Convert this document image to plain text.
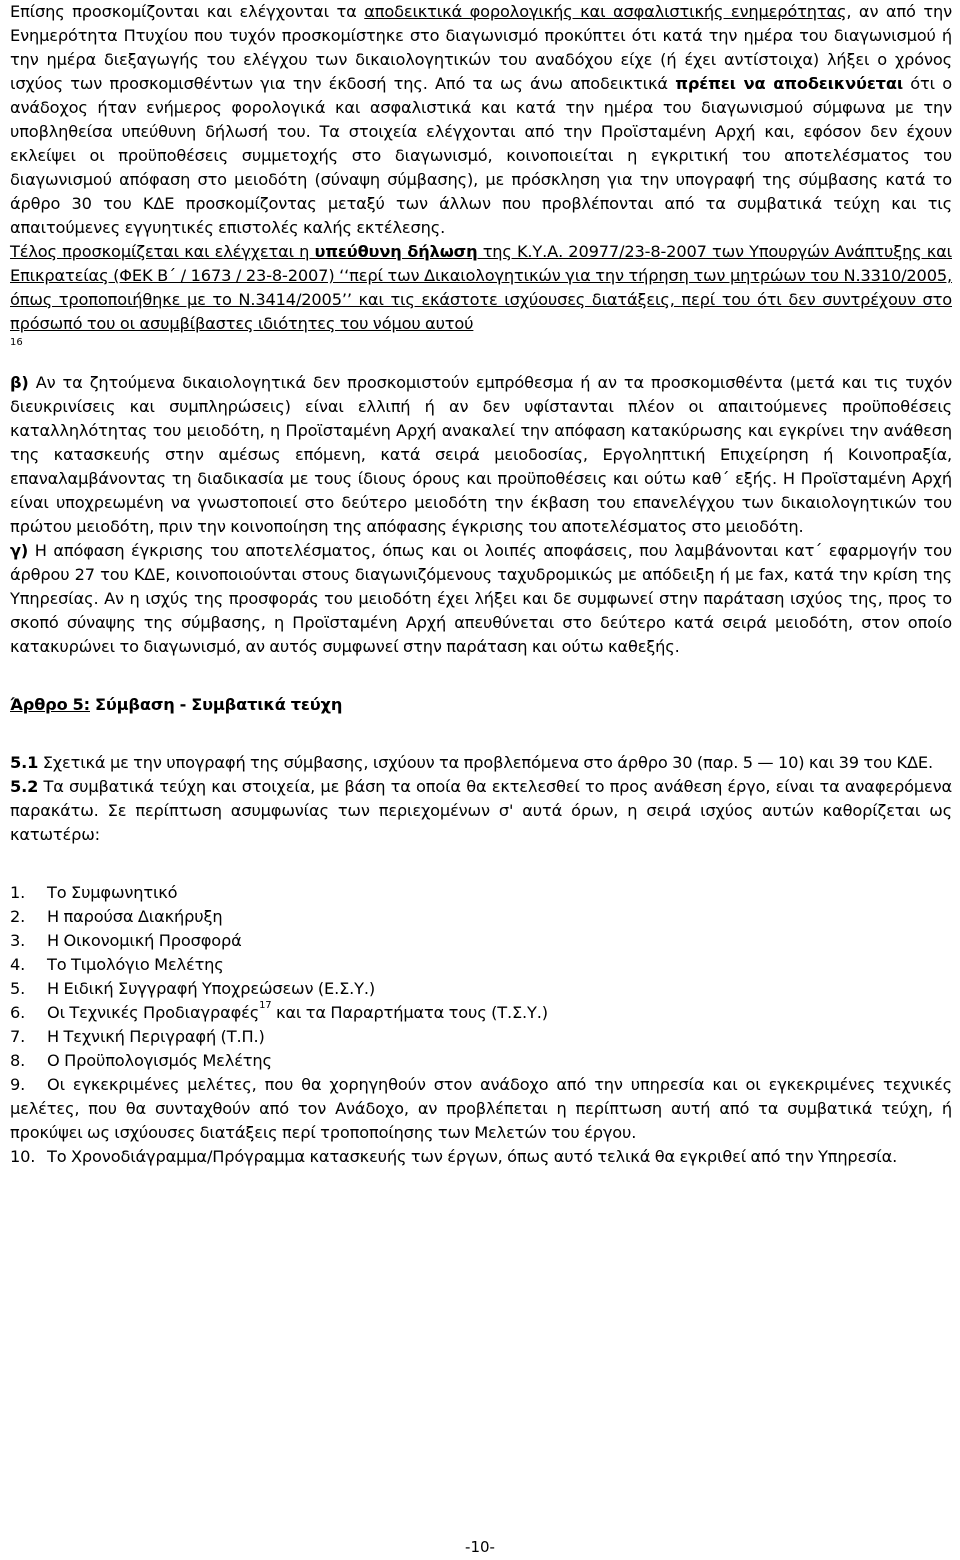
Επίσης προσκομίζονται και ελέγχονται τα αποδεικτικά φορολογικής και ασφαλιστικής ενημερότητας, αν από την Ενημερότητα Πτυχίου που τυχόν προσκομίστηκε στο διαγωνισμό προκύπτει ότι κατά την ημέρα του διαγωνισμού ή την ημέρα διεξαγωγής του ελέγχου των δικαιολογητικών του αναδόχου είχε (ή έχει αντίστοιχα) λήξει ο χρόνος ισχύος των προσκομισθέντων για την έκδοσή της. Από τα ως άνω αποδεικτικά πρέπει να αποδεικνύεται ότι ο ανάδοχος ήταν ενήμερος φορολογικά και ασφαλιστικά και κατά την ημέρα του διαγωνισμού σύμφωνα με την υποβληθείσα υπεύθυνη δήλωσή του. Τα στοιχεία ελέγχονται από την Προϊσταμένη Αρχή και, εφόσον δεν έχουν εκλείψει οι προϋποθέσεις συμμετοχής στο διαγωνισμό, κοινοποιείται η εγκριτική του αποτελέσματος του διαγωνισμού απόφαση στο μειοδότη (σύναψη σύμβασης), με πρόσκληση για την υπογραφή της σύμβασης κατά το άρθρο 30 του ΚΔΕ προσκομίζοντας μεταξύ των άλλων που προβλέπονται από τα συμβατικά τεύχη και τις απαιτούμενες εγγυητικές επιστολές καλής εκτέλεσης.

Τέλος προσκομίζεται και ελέγχεται η υπεύθυνη δήλωση της Κ.Υ.Α. 20977/23-8-2007 των Υπουργών Ανάπτυξης και Επικρατείας (ΦΕΚ Β΄ / 1673 / 23-8-2007) ‘‘περί των Δικαιολογητικών για την τήρηση των μητρώων του Ν.3310/2005, όπως τροποποιήθηκε με το Ν.3414/2005’’ και τις εκάστοτε ισχύουσες διατάξεις, περί του ότι δεν συντρέχουν στο πρόσωπό του οι ασυμβίβαστες ιδιότητες του νόμου αυτού

16

β) Αν τα ζητούμενα δικαιολογητικά δεν προσκομιστούν εμπρόθεσμα ή αν τα προσκομισθέντα (μετά και τις τυχόν διευκρινίσεις και συμπληρώσεις) είναι ελλιπή ή αν δεν υφίστανται πλέον οι απαιτούμενες προϋποθέσεις καταλληλότητας του μειοδότη, η Προϊσταμένη Αρχή ανακαλεί την απόφαση κατακύρωσης και εγκρίνει την ανάθεση της κατασκευής στην αμέσως επόμενη, κατά σειρά μειοδοσίας, Εργοληπτική Επιχείρηση ή Κοινοπραξία, επαναλαμβάνοντας τη διαδικασία με τους ίδιους όρους και προϋποθέσεις και ούτω καθ΄ εξής. Η Προϊσταμένη Αρχή είναι υποχρεωμένη να γνωστοποιεί στο δεύτερο μειοδότη την έκβαση του επανελέγχου των δικαιολογητικών του πρώτου μειοδότη, πριν την κοινοποίηση της απόφασης έγκρισης του αποτελέσματος στο μειοδότη.

γ) Η απόφαση έγκρισης του αποτελέσματος, όπως και οι λοιπές αποφάσεις, που λαμβάνονται κατ΄ εφαρμογήν του άρθρου 27 του ΚΔΕ, κοινοποιούνται στους διαγωνιζόμενους ταχυδρομικώς με απόδειξη ή με fax, κατά την κρίση της Υπηρεσίας. Αν η ισχύς της προσφοράς του μειοδότη έχει λήξει και δε συμφωνεί στην παράταση ισχύος της, προς το σκοπό σύναψης της σύμβασης, η Προϊσταμένη Αρχή απευθύνεται στο δεύτερο κατά σειρά μειοδότη, στον οποίο κατακυρώνει το διαγωνισμό, αν αυτός συμφωνεί στην παράταση και ούτω καθεξής.

Άρθρο 5: Σύμβαση - Συμβατικά τεύχη

5.1 Σχετικά με την υπογραφή της σύμβασης, ισχύουν τα προβλεπόμενα στο άρθρο 30 (παρ. 5 — 10) και 39 του ΚΔΕ.

5.2 Τα συμβατικά τεύχη και στοιχεία, με βάση τα οποία θα εκτελεσθεί το προς ανάθεση έργο, είναι τα αναφερόμενα παρακάτω. Σε περίπτωση ασυμφωνίας των περιεχομένων σ' αυτά όρων, η σειρά ισχύος αυτών καθορίζεται ως κατωτέρω:

1. Το Συμφωνητικό
2. Η παρούσα Διακήρυξη
3. Η Οικονομική Προσφορά
4. Το Τιμολόγιο Μελέτης
5. Η Ειδική Συγγραφή Υποχρεώσεων (Ε.Σ.Υ.)
6. Οι Τεχνικές Προδιαγραφές$^{17}$ και τα Παραρτήματα τους (Τ.Σ.Υ.)
7. Η Τεχνική Περιγραφή (Τ.Π.)
8. Ο Προϋπολογισμός Μελέτης
9. Οι εγκεκριμένες μελέτες, που θα χορηγηθούν στον ανάδοχο από την υπηρεσία και οι εγκεκριμένες τεχνικές μελέτες, που θα συνταχθούν από τον Ανάδοχο, αν προβλέπεται η περίπτωση αυτή από τα συμβατικά τεύχη, ή προκύψει ως ισχύουσες διατάξεις περί τροποποίησης των Μελετών του έργου.
10. Το Χρονοδιάγραμμα/Πρόγραμμα κατασκευής των έργων, όπως αυτό τελικά θα εγκριθεί από την Υπηρεσία.
-10-
